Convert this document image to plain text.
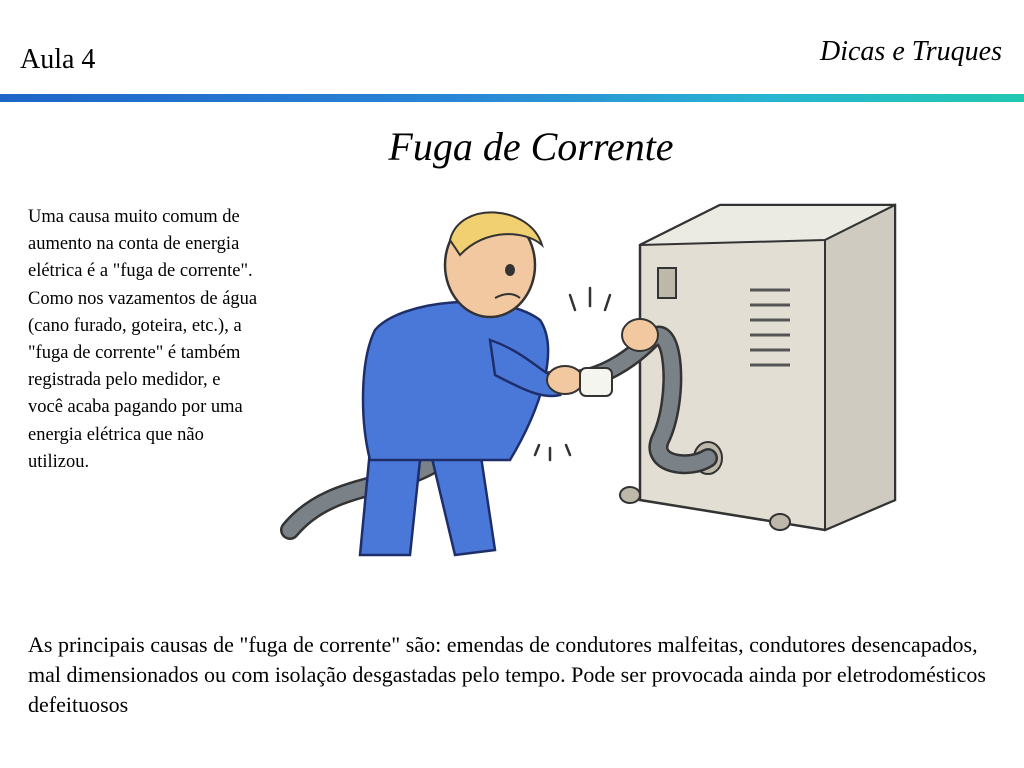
Aula 4	Dicas e Truques
Fuga de Corrente
Uma causa muito comum de aumento na conta de energia elétrica é a "fuga de corrente". Como nos vazamentos de água (cano furado, goteira, etc.), a "fuga de corrente" é também registrada pelo medidor, e você acaba pagando por uma energia elétrica que não utilizou.
As principais causas de "fuga de corrente" são: emendas de condutores malfeitas, condutores desencapados, mal dimensionados ou com isolação desgastadas pelo tempo. Pode ser provocada ainda por eletrodomésticos defeituosos
